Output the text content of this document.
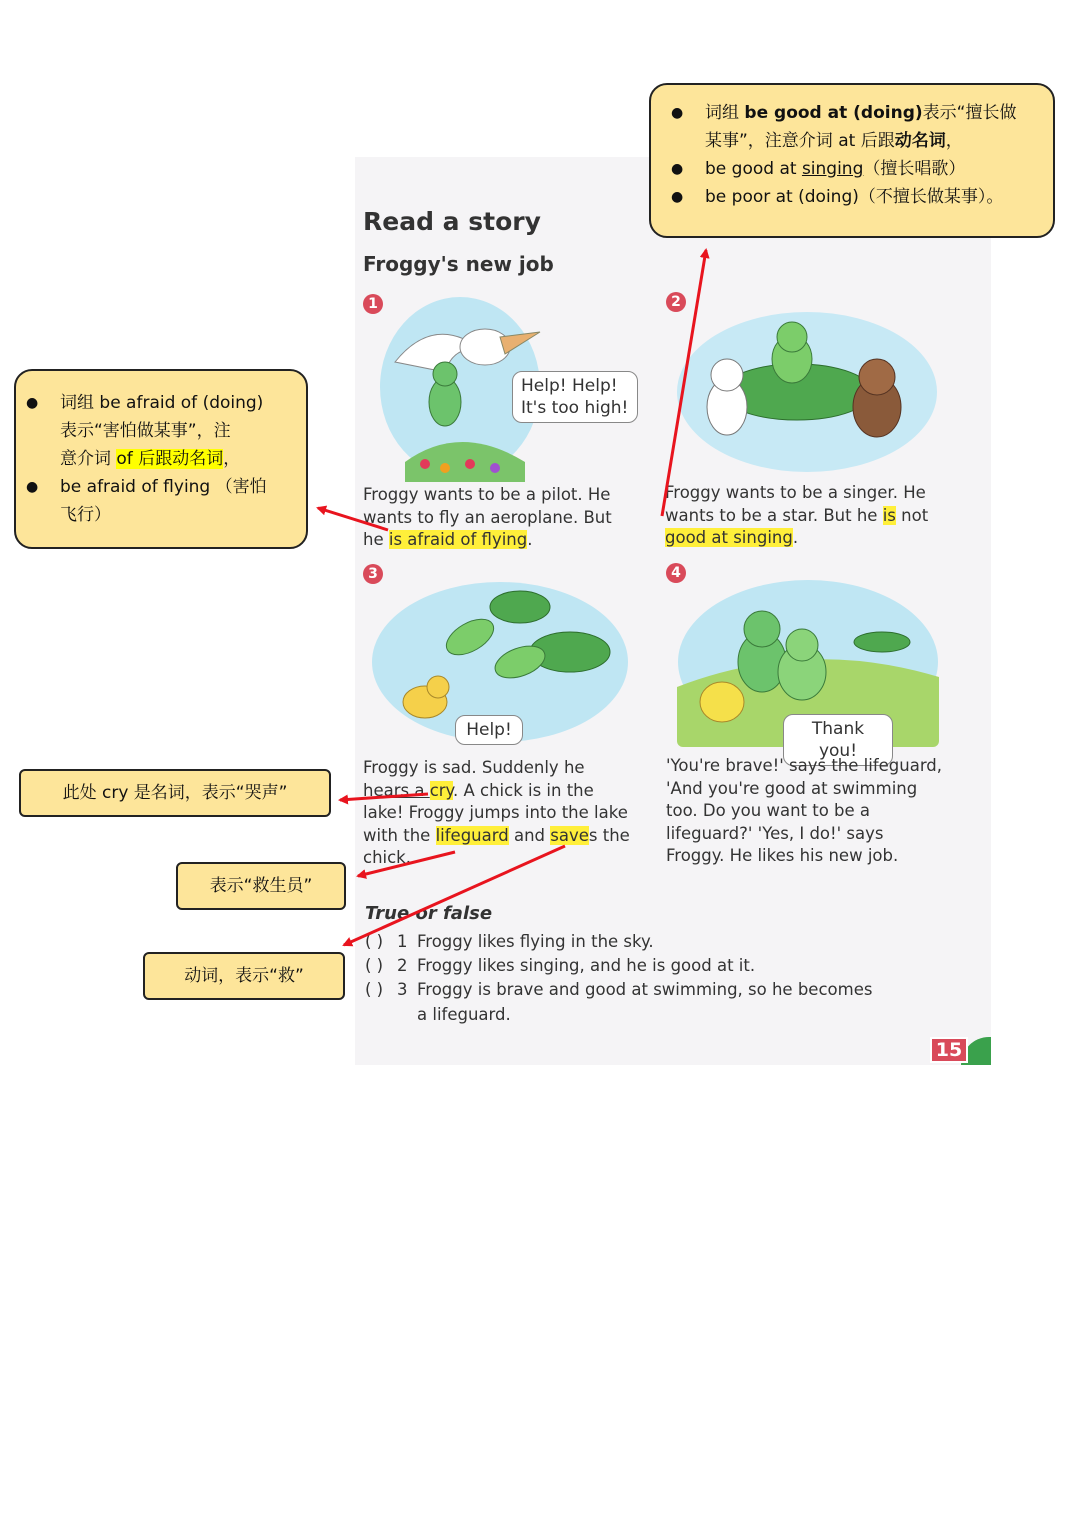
Read a story
Froggy's new job
1
Help! Help!
It's too high!
Froggy wants to be a pilot. He
wants to fly an aeroplane. But
he is afraid of flying.
2
Froggy wants to be a singer. He
wants to be a star. But he is not
good at singing.
3
Help!
Froggy is sad. Suddenly he
hears a cry. A chick is in the
lake! Froggy jumps into the lake
with the lifeguard and saves the
chick.
4
Thank you!
'You're brave!' says the lifeguard,
'And you're good at swimming
too. Do you want to be a
lifeguard?' 'Yes, I do!' says
Froggy. He likes his new job.
True or false
( ) 1 Froggy likes flying in the sky.
( ) 2 Froggy likes singing, and he is good at it.
( ) 3 Froggy is brave and good at swimming, so he becomes
a lifeguard.
15
● 词组 be good at (doing)表示“擅长做
某事”，注意介词 at 后跟动名词，
● be good at singing（擅长唱歌）
● be poor at (doing)（不擅长做某事）。
● 词组 be afraid of (doing)
表示“害怕做某事”，注
意介词 of 后跟动名词，
● be afraid of flying （害怕
飞行）
此处 cry 是名词，表示“哭声”
表示“救生员”
动词，表示“救”
